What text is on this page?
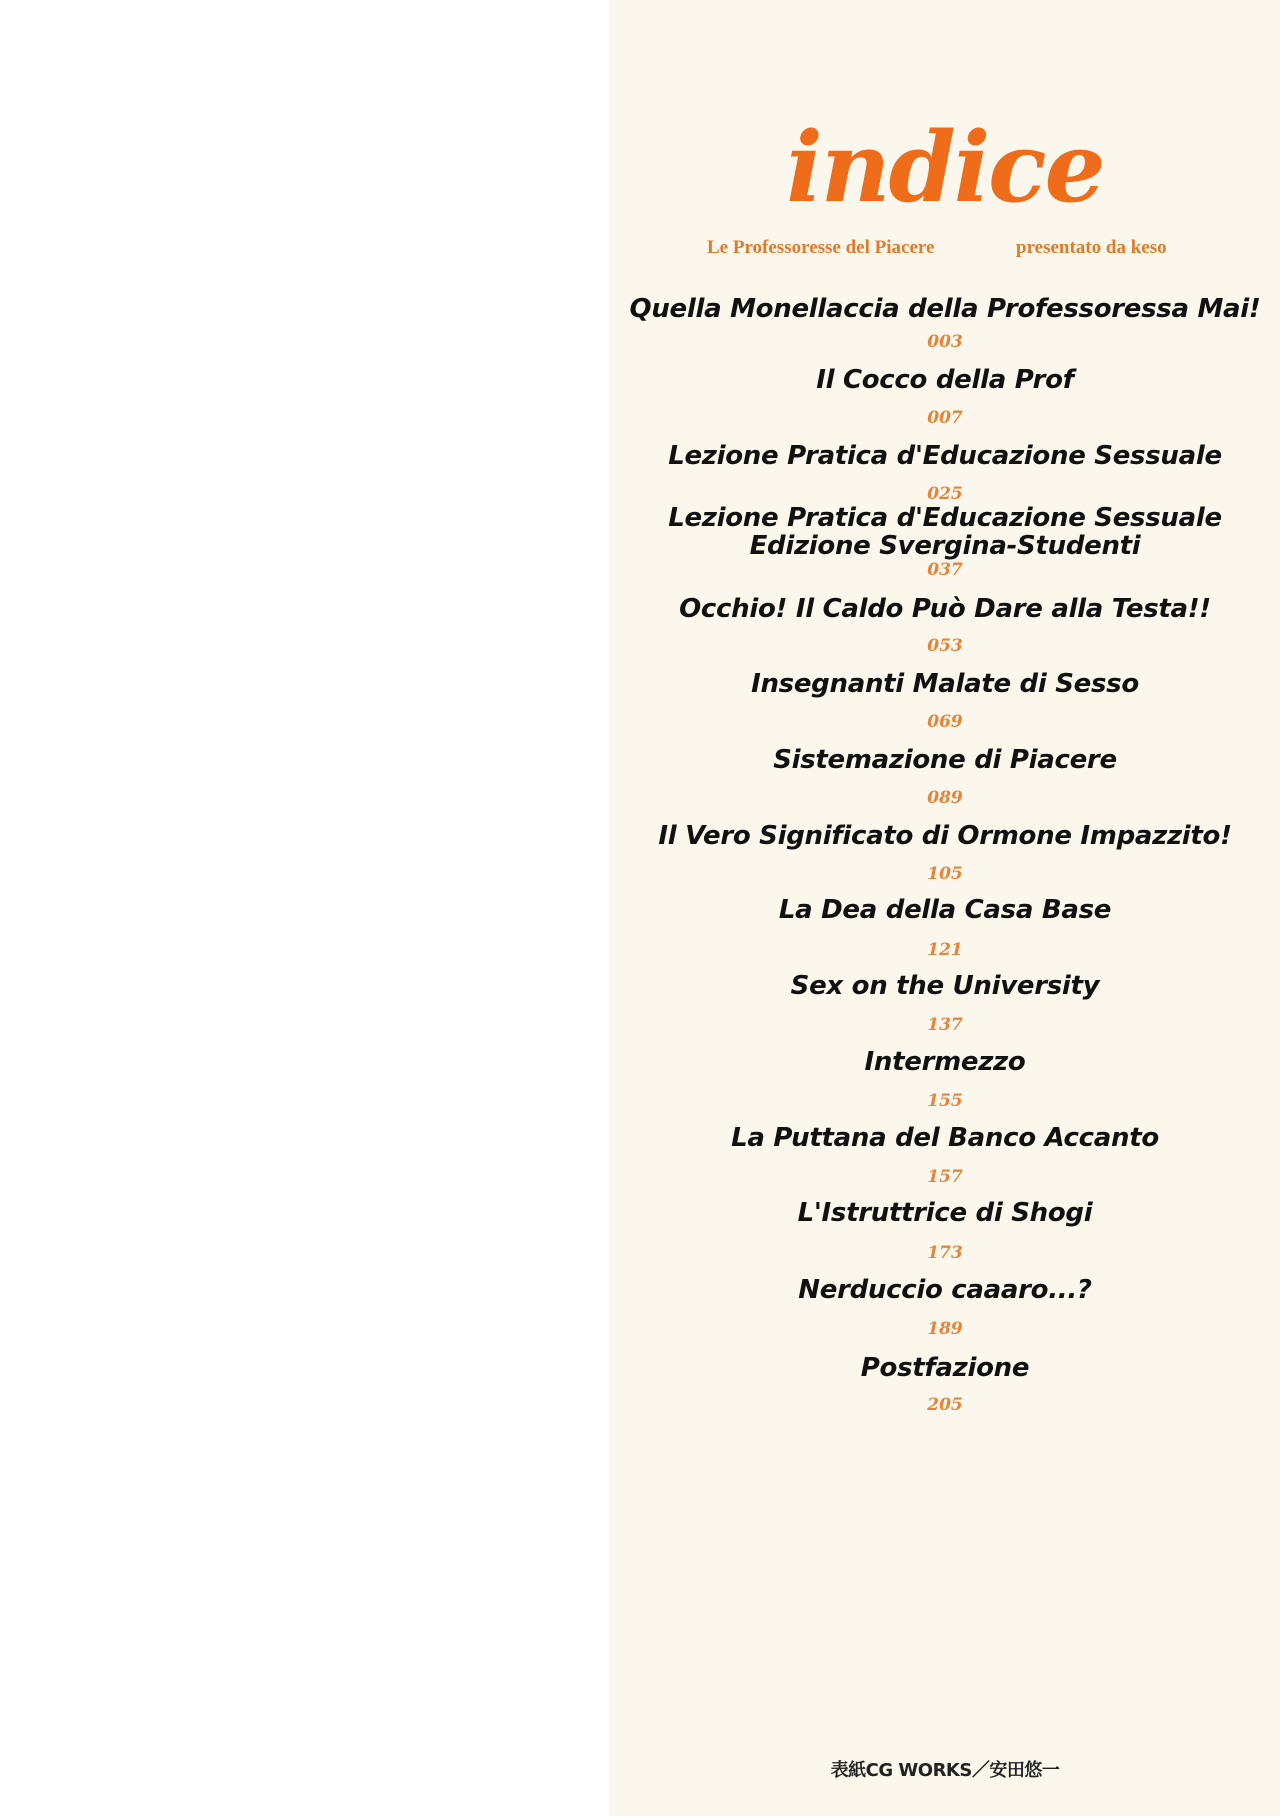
indice
Le Professoresse del Piacere	presentato da keso
Quella Monellaccia della Professoressa Mai!
003
Il Cocco della Prof
007
Lezione Pratica d'Educazione Sessuale
025
Lezione Pratica d'Educazione Sessuale
Edizione Svergina-Studenti
037
Occhio! Il Caldo Può Dare alla Testa!!
053
Insegnanti Malate di Sesso
069
Sistemazione di Piacere
089
Il Vero Significato di Ormone Impazzito!
105
La Dea della Casa Base
121
Sex on the University
137
Intermezzo
155
La Puttana del Banco Accanto
157
L'Istruttrice di Shogi
173
Nerduccio caaaro...?
189
Postfazione
205
表紙CG WORKS／安田悠一
